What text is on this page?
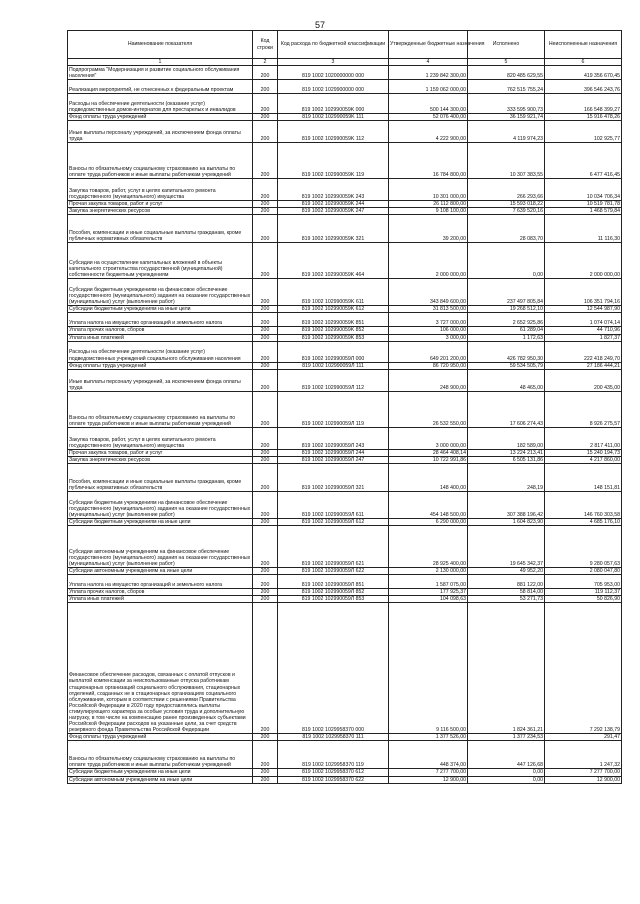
57
Наименование показателя	Код строки	Код расхода по бюджетной классификации	Утвержденные бюджетные назначения	Исполнено	Неисполненные назначения
1	2	3	4	5	6
Подпрограмма "Модернизация и развитие социального обслуживания населения"	200	819 1002 1020000000 000	1 239 842 300,00	820 485 629,55	419 356 670,45
Реализация мероприятий, не отнесенных к федеральным проектам	200	819 1002 1029900000 000	1 159 062 000,00	762 515 755,24	396 546 243,76
Расходы на обеспечение деятельности (оказание услуг) подведомственных домов-интернатов для престарелых и инвалидов	200	819 1002 102990059K 000	500 144 300,00	333 595 900,73	166 548 399,27
Фонд оплаты труда учреждений	200	819 1002 102990059K 111	52 076 400,00	36 159 921,74	15 916 478,26
Иные выплаты персоналу учреждений, за исключением фонда оплаты труда	200	819 1002 102990059K 112	4 222 900,00	4 119 974,23	102 925,77
Взносы по обязательному социальному страхованию на выплаты по оплате труда работников и иные выплаты работникам учреждений	200	819 1002 102990059K 119	16 784 800,00	10 307 383,55	6 477 416,45
Закупка товаров, работ, услуг в целях капитального ремонта государственного (муниципального) имущества	200	819 1002 102990059K 243	10 301 000,00	266 293,66	10 034 706,34
Прочая закупка товаров, работ и услуг	200	819 1002 102990059K 244	26 112 800,00	15 593 018,22	10 519 781,78
Закупка энергетических ресурсов	200	819 1002 102990059K 247	9 108 100,00	7 639 520,16	1 468 579,84
Пособия, компенсации и иные социальные выплаты гражданам, кроме публичных нормативных обязательств	200	819 1002 102990059K 321	39 200,00	28 083,70	11 116,30
Субсидии на осуществление капитальных вложений в объекты капитального строительства государственной (муниципальной) собственности бюджетным учреждениям	200	819 1002 102990059K 464	2 000 000,00	0,00	2 000 000,00
Субсидии бюджетным учреждениям на финансовое обеспечение государственного (муниципального) задания на оказание государственных (муниципальных) услуг (выполнение работ)	200	819 1002 102990059K 611	343 849 600,00	237 497 805,84	106 351 794,16
Субсидии бюджетным учреждениям на иные цели	200	819 1002 102990059K 612	31 813 500,00	19 268 512,10	12 544 987,90
Уплата налога на имущество организаций и земельного налога	200	819 1002 102990059K 851	3 727 000,00	2 652 925,86	1 074 074,14
Уплата прочих налогов, сборов	200	819 1002 102990059K 852	106 000,00	61 289,04	44 710,96
Уплата иных платежей	200	819 1002 102990059K 853	3 000,00	1 172,63	1 827,37
Расходы на обеспечение деятельности (оказание услуг) подведомственных учреждений социального обслуживания населения	200	819 1002 102990059Л 000	649 201 200,00	426 782 950,30	222 418 249,70
Фонд оплаты труда учреждений	200	819 1002 102990059Л 111	86 720 950,00	59 534 505,79	27 186 444,21
Иные выплаты персоналу учреждений, за исключением фонда оплаты труда	200	819 1002 102990059Л 112	248 900,00	48 465,00	200 435,00
Взносы по обязательному социальному страхованию на выплаты по оплате труда работников и иные выплаты работникам учреждений	200	819 1002 102990059Л 119	26 532 550,00	17 606 274,43	8 926 275,57
Закупка товаров, работ, услуг в целях капитального ремонта государственного (муниципального) имущества	200	819 1002 102990059Л 243	3 000 000,00	182 589,00	2 817 411,00
Прочая закупка товаров, работ и услуг	200	819 1002 102990059Л 244	28 464 408,14	13 224 213,41	15 240 194,73
Закупка энергетических ресурсов	200	819 1002 102990059Л 247	10 722 991,86	6 505 131,86	4 217 860,00
Пособия, компенсации и иные социальные выплаты гражданам, кроме публичных нормативных обязательств	200	819 1002 102990059Л 321	148 400,00	248,19	148 151,81
Субсидии бюджетным учреждениям на финансовое обеспечение государственного (муниципального) задания на оказание государственных (муниципальных) услуг (выполнение работ)	200	819 1002 102990059Л 611	454 148 500,00	307 388 196,42	146 760 303,58
Субсидии бюджетным учреждениям на иные цели	200	819 1002 102990059Л 612	6 290 000,00	1 604 823,90	4 685 176,10
Субсидии автономным учреждениям на финансовое обеспечение государственного (муниципального) задания на оказание государственных (муниципальных) услуг (выполнение работ)	200	819 1002 102990059Л 621	28 925 400,00	19 645 342,37	9 280 057,63
Субсидии автономным учреждениям на иные цели	200	819 1002 102990059Л 622	2 130 000,00	49 952,20	2 080 047,80
Уплата налога на имущество организаций и земельного налога	200	819 1002 102990059Л 851	1 587 075,00	881 122,00	705 953,00
Уплата прочих налогов, сборов	200	819 1002 102990059Л 852	177 925,37	58 814,00	119 112,37
Уплата иных платежей	200	819 1002 102990059Л 853	104 098,63	53 271,73	50 826,90
Финансовое обеспечение расходов, связанных с оплатой отпусков и выплатой компенсации за неиспользованные отпуска работникам стационарных организаций социального обслуживания, стационарных отделений, созданных не в стационарных организациях социального обслуживания, которым в соответствии с решениями Правительства Российской Федерации в 2020 году предоставлялись выплаты стимулирующего характера за особые условия труда и дополнительную нагрузку, в том числе на компенсацию ранее произведенных субъектами Российской Федерации расходов на указанные цели, за счет средств резервного фонда Правительства Российской Федерации	200	819 1002 1029958370 000	9 116 500,00	1 824 361,21	7 292 138,79
Фонд оплаты труда учреждений	200	819 1002 1029958370 111	1 377 526,00	1 377 234,53	291,47
Взносы по обязательному социальному страхованию на выплаты по оплате труда работников и иные выплаты работникам учреждений	200	819 1002 1029958370 119	448 374,00	447 126,68	1 247,32
Субсидии бюджетным учреждениям на иные цели	200	819 1002 1029958370 612	7 277 700,00	0,00	7 277 700,00
Субсидии автономным учреждениям на иные цели	200	819 1002 1029958370 622	12 900,00	0,00	12 900,00
